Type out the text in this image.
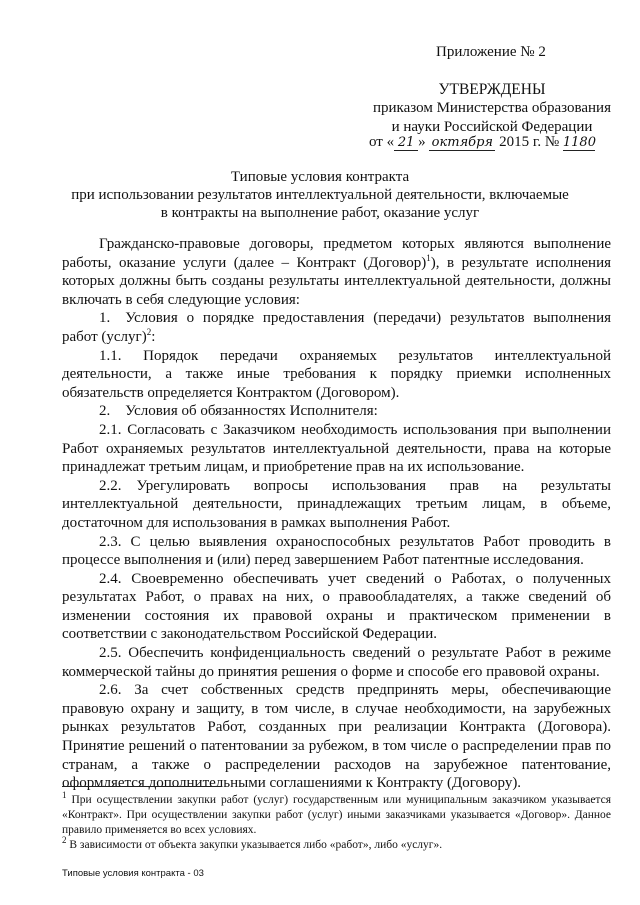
Приложение № 2
УТВЕРЖДЕНЫ
приказом Министерства образования
и науки Российской Федерации
от « 21 » октября 2015 г. № 1180
Типовые условия контракта
при использовании результатов интеллектуальной деятельности, включаемые
в контракты на выполнение работ, оказание услуг

Гражданско-правовые договоры, предметом которых являются выполнение работы, оказание услуги (далее – Контракт (Договор)$^1$), в результате исполнения которых должны быть созданы результаты интеллектуальной деятельности, должны включать в себя следующие условия:

1. Условия о порядке предоставления (передачи) результатов выполнения работ (услуг)$^2$:

1.1. Порядок передачи охраняемых результатов интеллектуальной деятельности, а также иные требования к порядку приемки исполненных обязательств определяется Контрактом (Договором).

2. Условия об обязанностях Исполнителя:

2.1. Согласовать с Заказчиком необходимость использования при выполнении Работ охраняемых результатов интеллектуальной деятельности, права на которые принадлежат третьим лицам, и приобретение прав на их использование.

2.2. Урегулировать вопросы использования прав на результаты интеллектуальной деятельности, принадлежащих третьим лицам, в объеме, достаточном для использования в рамках выполнения Работ.

2.3. С целью выявления охраноспособных результатов Работ проводить в процессе выполнения и (или) перед завершением Работ патентные исследования.

2.4. Своевременно обеспечивать учет сведений о Работах, о полученных результатах Работ, о правах на них, о правообладателях, а также сведений об изменении состояния их правовой охраны и практическом применении в соответствии с законодательством Российской Федерации.

2.5. Обеспечить конфиденциальность сведений о результате Работ в режиме коммерческой тайны до принятия решения о форме и способе его правовой охраны.

2.6. За счет собственных средств предпринять меры, обеспечивающие правовую охрану и защиту, в том числе, в случае необходимости, на зарубежных рынках результатов Работ, созданных при реализации Контракта (Договора). Принятие решений о патентовании за рубежом, в том числе о распределении прав по странам, а также о распределении расходов на зарубежное патентование, оформляется дополнительными соглашениями к Контракту (Договору).

$^1$ При осуществлении закупки работ (услуг) государственным или муниципальным заказчиком указывается «Контракт». При осуществлении закупки работ (услуг) иными заказчиками указывается «Договор». Данное правило применяется во всех условиях.

$^2$ В зависимости от объекта закупки указывается либо «работ», либо «услуг».

Типовые условия контракта - 03
